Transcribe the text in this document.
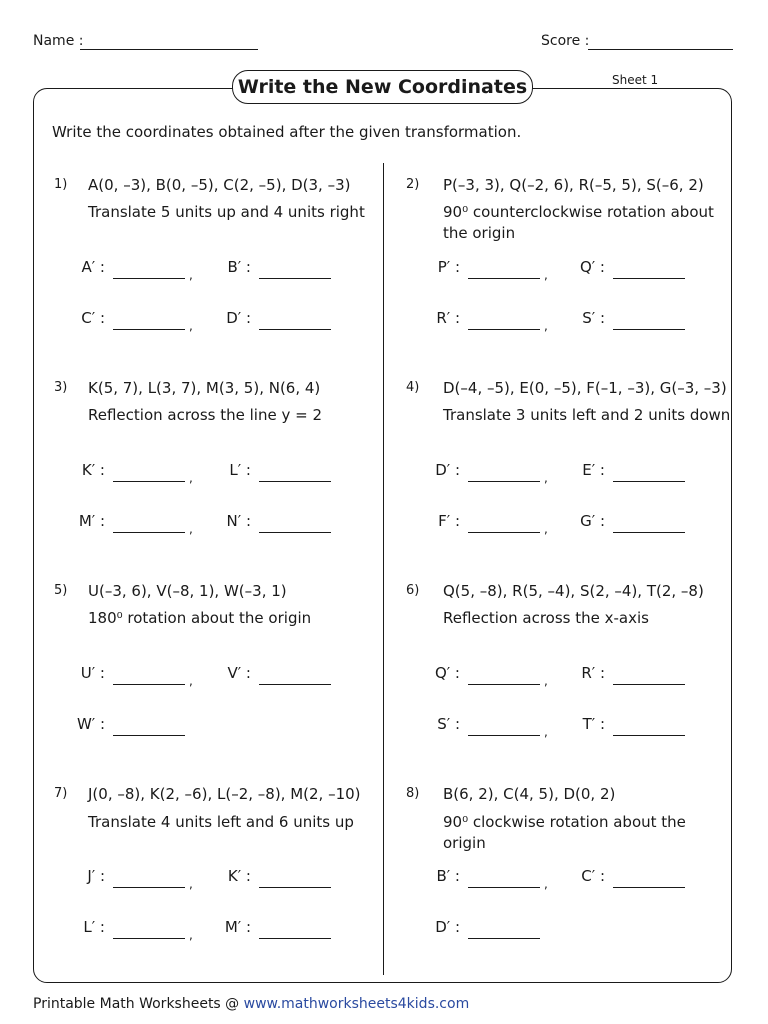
Name :	Score :
Write the New Coordinates	Sheet 1
Write the coordinates obtained after the given transformation.
1) A(0, –3), B(0, –5), C(2, –5), D(3, –3)
Translate 5 units up and 4 units right
A′ :	,	B′ :
C′ :	,	D′ :
2) P(–3, 3), Q(–2, 6), R(–5, 5), S(–6, 2)
90⁰ counterclockwise rotation about
the origin
P′ :	,	Q′ :
R′ :	,	S′ :
3) K(5, 7), L(3, 7), M(3, 5), N(6, 4)
Reflection across the line y = 2
K′ :	,	L′ :
M′ :	,	N′ :
4) D(–4, –5), E(0, –5), F(–1, –3), G(–3, –3)
Translate 3 units left and 2 units down
D′ :	,	E′ :
F′ :	,	G′ :
5) U(–3, 6), V(–8, 1), W(–3, 1)
180⁰ rotation about the origin
U′ :	,	V′ :
W′ :
6) Q(5, –8), R(5, –4), S(2, –4), T(2, –8)
Reflection across the x-axis
Q′ :	,	R′ :
S′ :	,	T′ :
7) J(0, –8), K(2, –6), L(–2, –8), M(2, –10)
Translate 4 units left and 6 units up
J′ :	,	K′ :
L′ :	,	M′ :
8) B(6, 2), C(4, 5), D(0, 2)
90⁰ clockwise rotation about the
origin
B′ :	,	C′ :
D′ :
Printable Math Worksheets @ www.mathworksheets4kids.com
